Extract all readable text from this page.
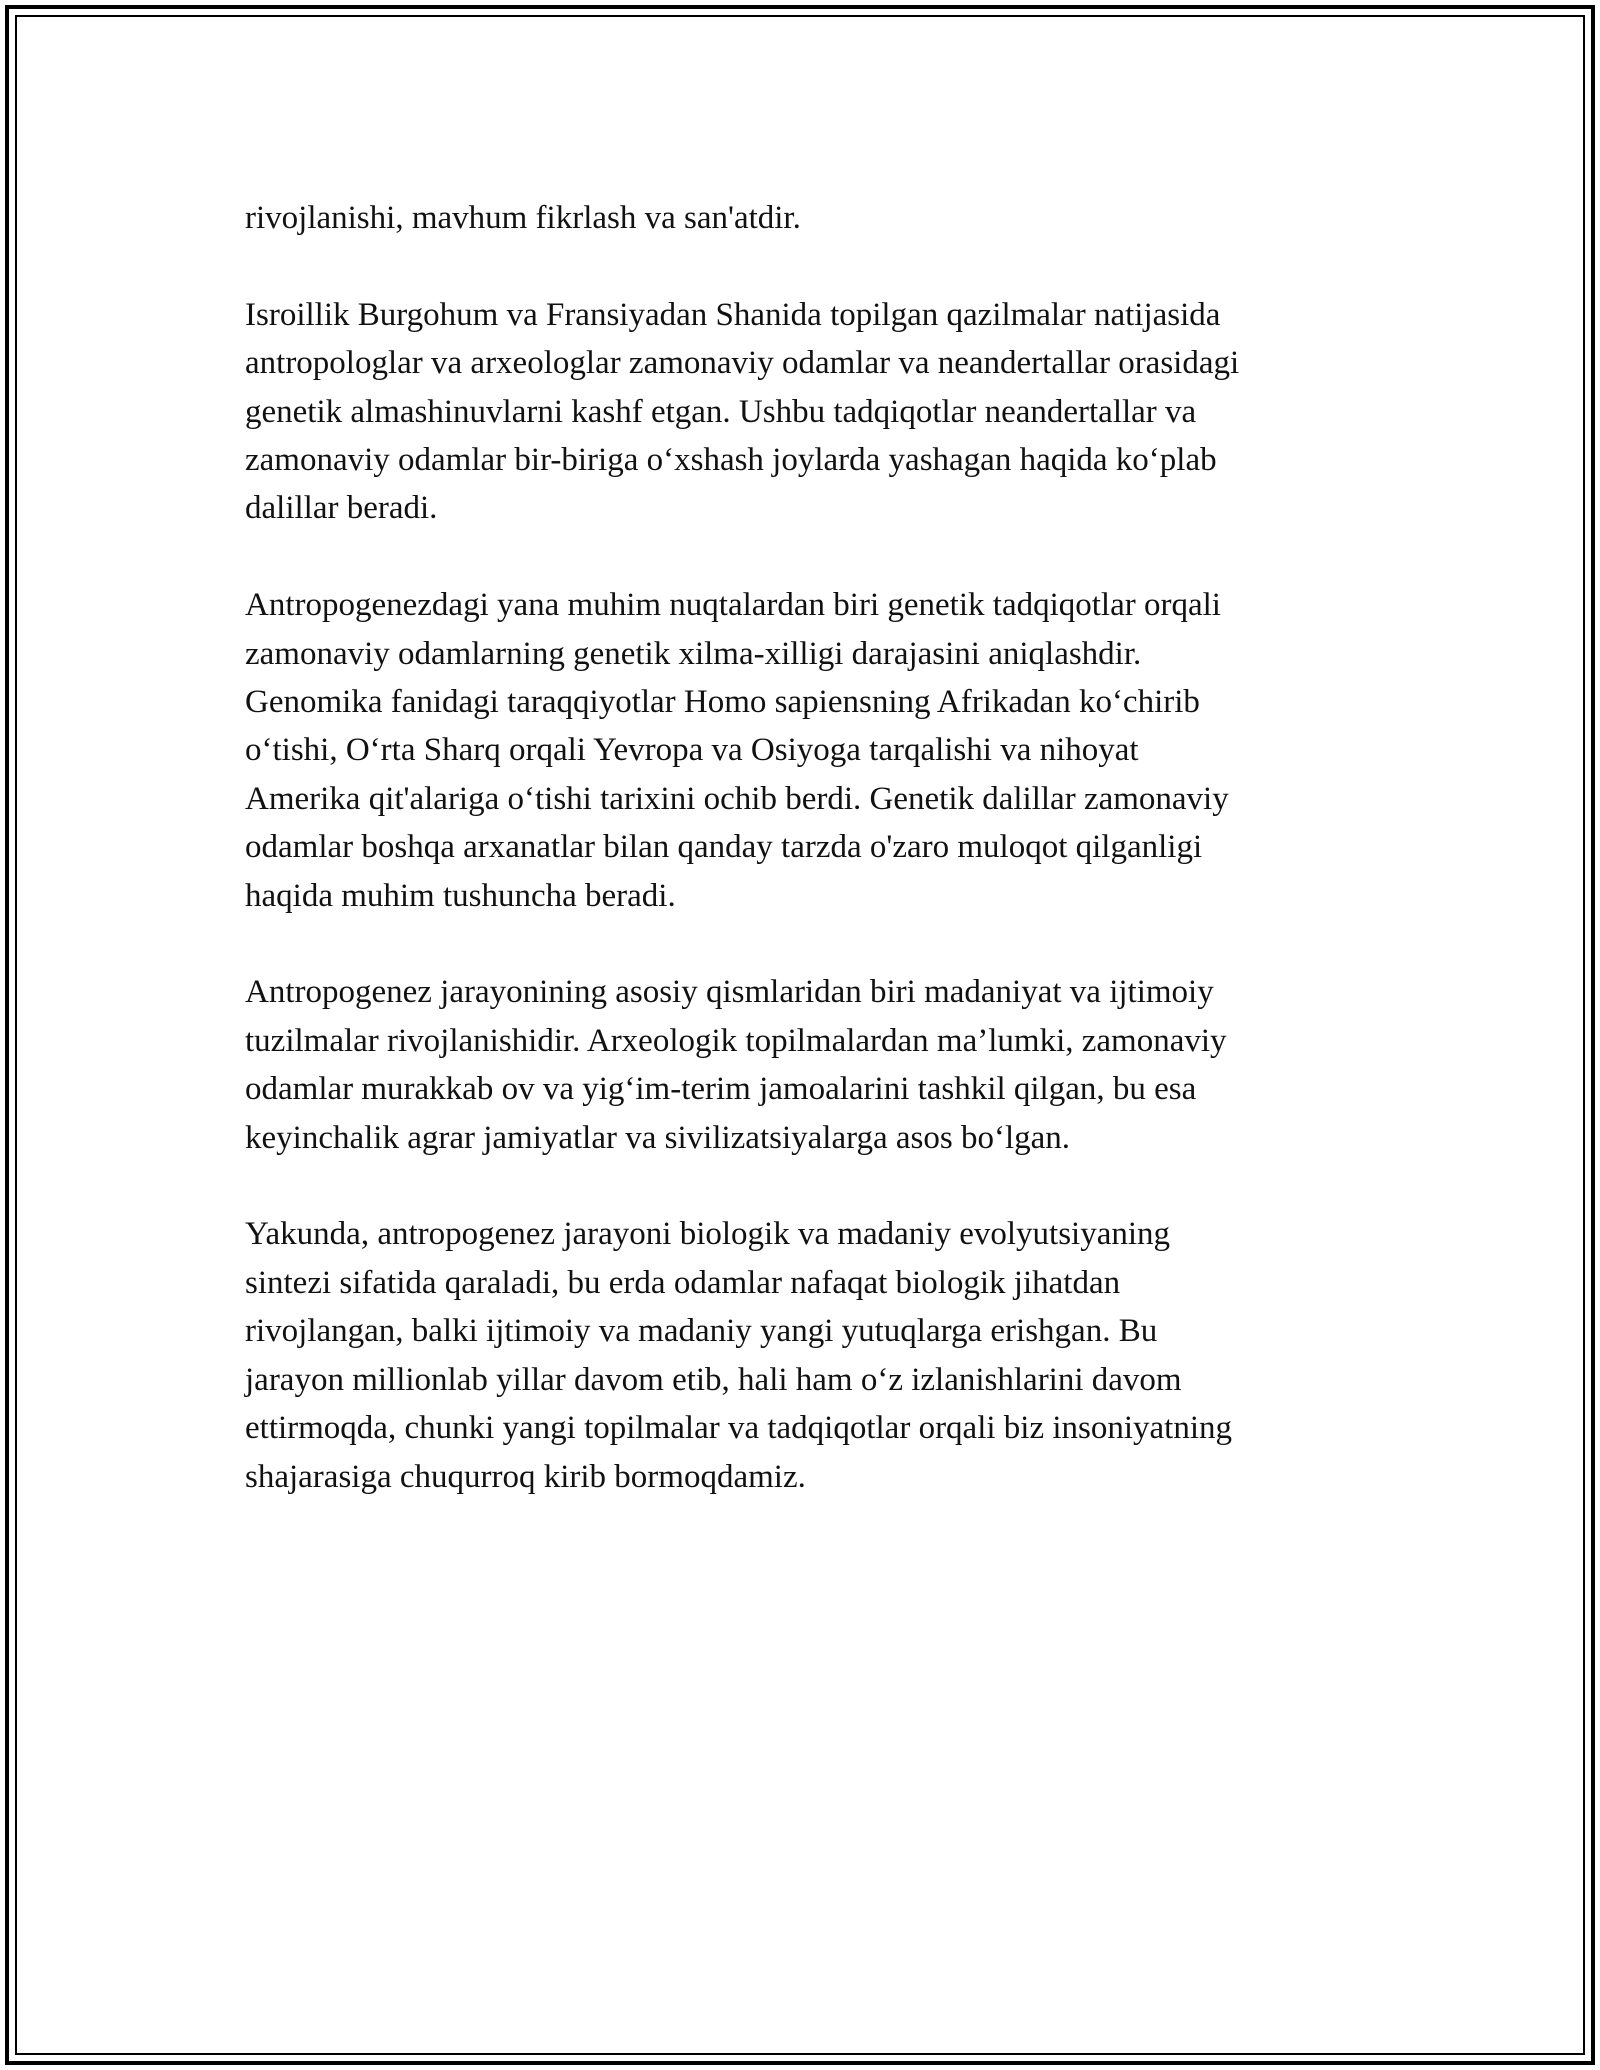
rivojlanishi, mavhum fikrlash va san'atdir.

Isroillik Burgohum va Fransiyadan Shanida topilgan qazilmalar natijasida
antropologlar va arxeologlar zamonaviy odamlar va neandertallar orasidagi
genetik almashinuvlarni kashf etgan. Ushbu tadqiqotlar neandertallar va
zamonaviy odamlar bir-biriga o‘xshash joylarda yashagan haqida ko‘plab
dalillar beradi.

Antropogenezdagi yana muhim nuqtalardan biri genetik tadqiqotlar orqali
zamonaviy odamlarning genetik xilma-xilligi darajasini aniqlashdir.
Genomika fanidagi taraqqiyotlar Homo sapiensning Afrikadan ko‘chirib
o‘tishi, O‘rta Sharq orqali Yevropa va Osiyoga tarqalishi va nihoyat
Amerika qit'alariga o‘tishi tarixini ochib berdi. Genetik dalillar zamonaviy
odamlar boshqa arxanatlar bilan qanday tarzda o'zaro muloqot qilganligi
haqida muhim tushuncha beradi.

Antropogenez jarayonining asosiy qismlaridan biri madaniyat va ijtimoiy
tuzilmalar rivojlanishidir. Arxeologik topilmalardan ma’lumki, zamonaviy
odamlar murakkab ov va yig‘im-terim jamoalarini tashkil qilgan, bu esa
keyinchalik agrar jamiyatlar va sivilizatsiyalarga asos bo‘lgan.

Yakunda, antropogenez jarayoni biologik va madaniy evolyutsiyaning
sintezi sifatida qaraladi, bu erda odamlar nafaqat biologik jihatdan
rivojlangan, balki ijtimoiy va madaniy yangi yutuqlarga erishgan. Bu
jarayon millionlab yillar davom etib, hali ham o‘z izlanishlarini davom
ettirmoqda, chunki yangi topilmalar va tadqiqotlar orqali biz insoniyatning
shajarasiga chuqurroq kirib bormoqdamiz.
